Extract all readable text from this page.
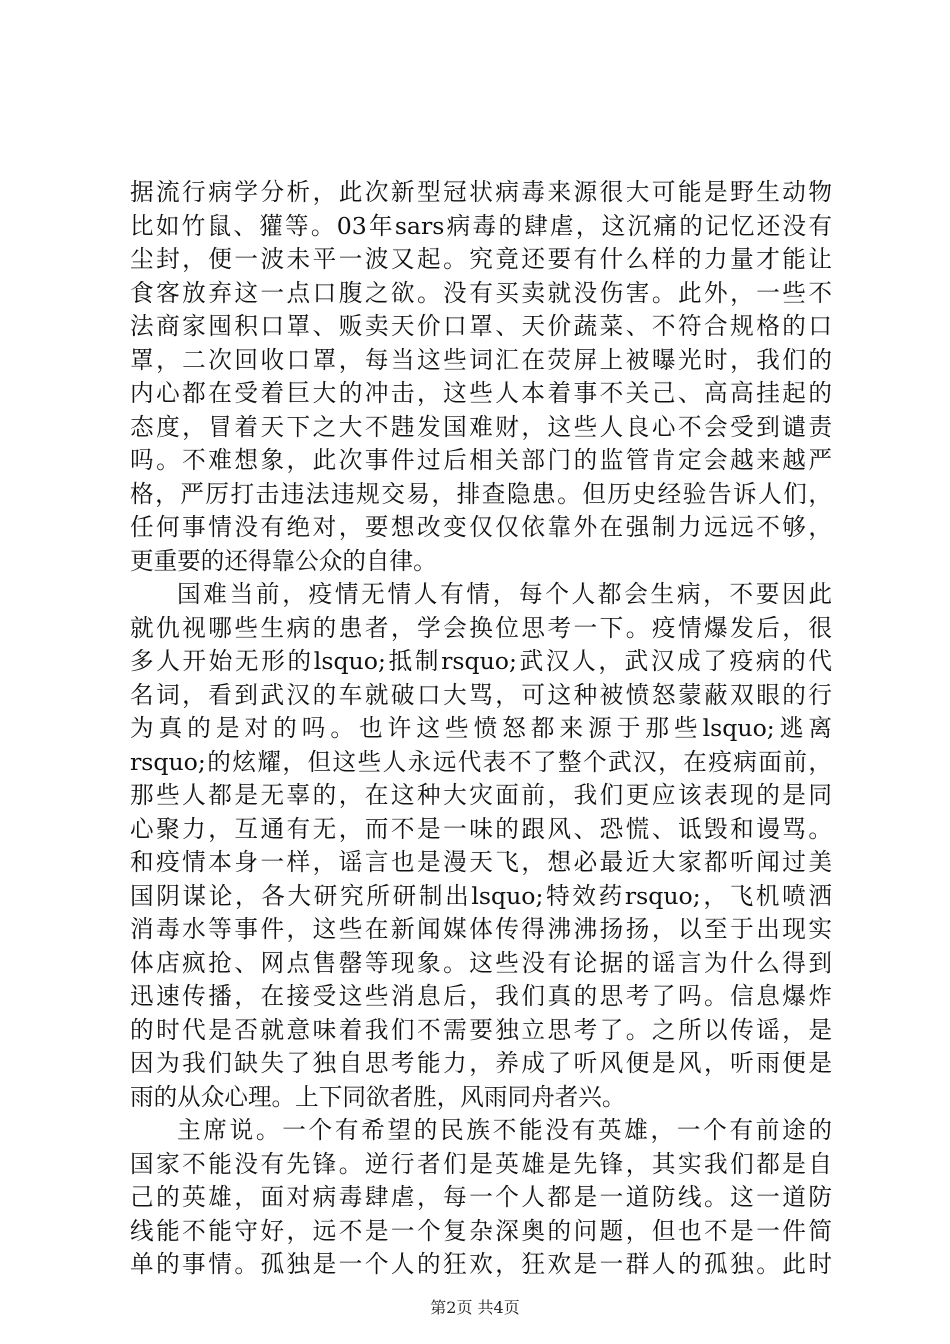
据流行病学分析，此次新型冠状病毒来源很大可能是野生动物
比如竹鼠、獾等。03年sars病毒的肆虐，这沉痛的记忆还没有
尘封，便一波未平一波又起。究竟还要有什么样的力量才能让
食客放弃这一点口腹之欲。没有买卖就没伤害。此外，一些不
法商家囤积口罩、贩卖天价口罩、天价蔬菜、不符合规格的口
罩，二次回收口罩，每当这些词汇在荧屏上被曝光时，我们的
内心都在受着巨大的冲击，这些人本着事不关己、高高挂起的
态度，冒着天下之大不韪发国难财，这些人良心不会受到谴责
吗。不难想象，此次事件过后相关部门的监管肯定会越来越严
格，严厉打击违法违规交易，排查隐患。但历史经验告诉人们，
任何事情没有绝对，要想改变仅仅依靠外在强制力远远不够，
更重要的还得靠公众的自律。
国难当前，疫情无情人有情，每个人都会生病，不要因此
就仇视哪些生病的患者，学会换位思考一下。疫情爆发后，很
多人开始无形的lsquo;抵制rsquo;武汉人，武汉成了疫病的代
名词，看到武汉的车就破口大骂，可这种被愤怒蒙蔽双眼的行
为真的是对的吗。也许这些愤怒都来源于那些lsquo;逃离
rsquo;的炫耀，但这些人永远代表不了整个武汉，在疫病面前，
那些人都是无辜的，在这种大灾面前，我们更应该表现的是同
心聚力，互通有无，而不是一味的跟风、恐慌、诋毁和谩骂。
和疫情本身一样，谣言也是漫天飞，想必最近大家都听闻过美
国阴谋论，各大研究所研制出lsquo;特效药rsquo;，飞机喷洒
消毒水等事件，这些在新闻媒体传得沸沸扬扬，以至于出现实
体店疯抢、网点售罄等现象。这些没有论据的谣言为什么得到
迅速传播，在接受这些消息后，我们真的思考了吗。信息爆炸
的时代是否就意味着我们不需要独立思考了。之所以传谣，是
因为我们缺失了独自思考能力，养成了听风便是风，听雨便是
雨的从众心理。上下同欲者胜，风雨同舟者兴。
主席说。一个有希望的民族不能没有英雄，一个有前途的
国家不能没有先锋。逆行者们是英雄是先锋，其实我们都是自
己的英雄，面对病毒肆虐，每一个人都是一道防线。这一道防
线能不能守好，远不是一个复杂深奥的问题，但也不是一件简
单的事情。孤独是一个人的狂欢，狂欢是一群人的孤独。此时
第2页 共4页
